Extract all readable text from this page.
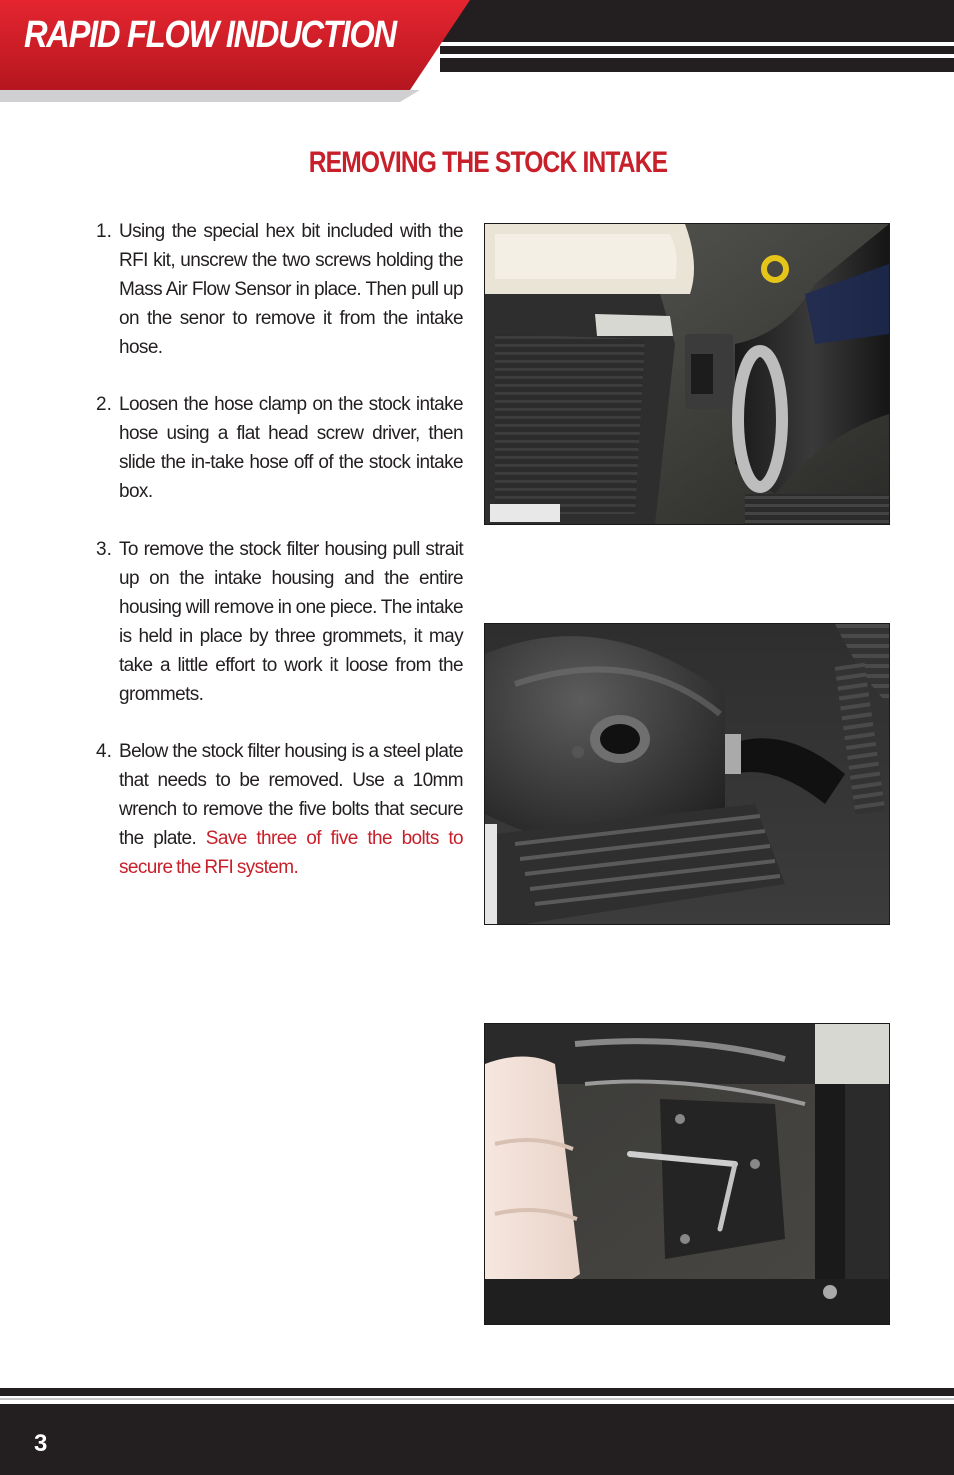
RAPID FLOW INDUCTION
REMOVING THE STOCK INTAKE
1. Using the special hex bit included with the RFI kit, unscrew the two screws holding the Mass Air Flow Sensor in place. Then pull up on the senor to remove it from the intake hose.
2. Loosen the hose clamp on the stock intake hose using a flat head screw driver, then slide the in-take hose off of the stock intake box.
3. To remove the stock filter housing pull strait up on the intake housing and the entire housing will remove in one piece. The intake is held in place by three grommets, it may take a little effort to work it loose from the grommets.
4. Below the stock filter housing is a steel plate that needs to be removed. Use a 10mm wrench to remove the five bolts that secure the plate. Save three of five the bolts to secure the RFI system.
3
